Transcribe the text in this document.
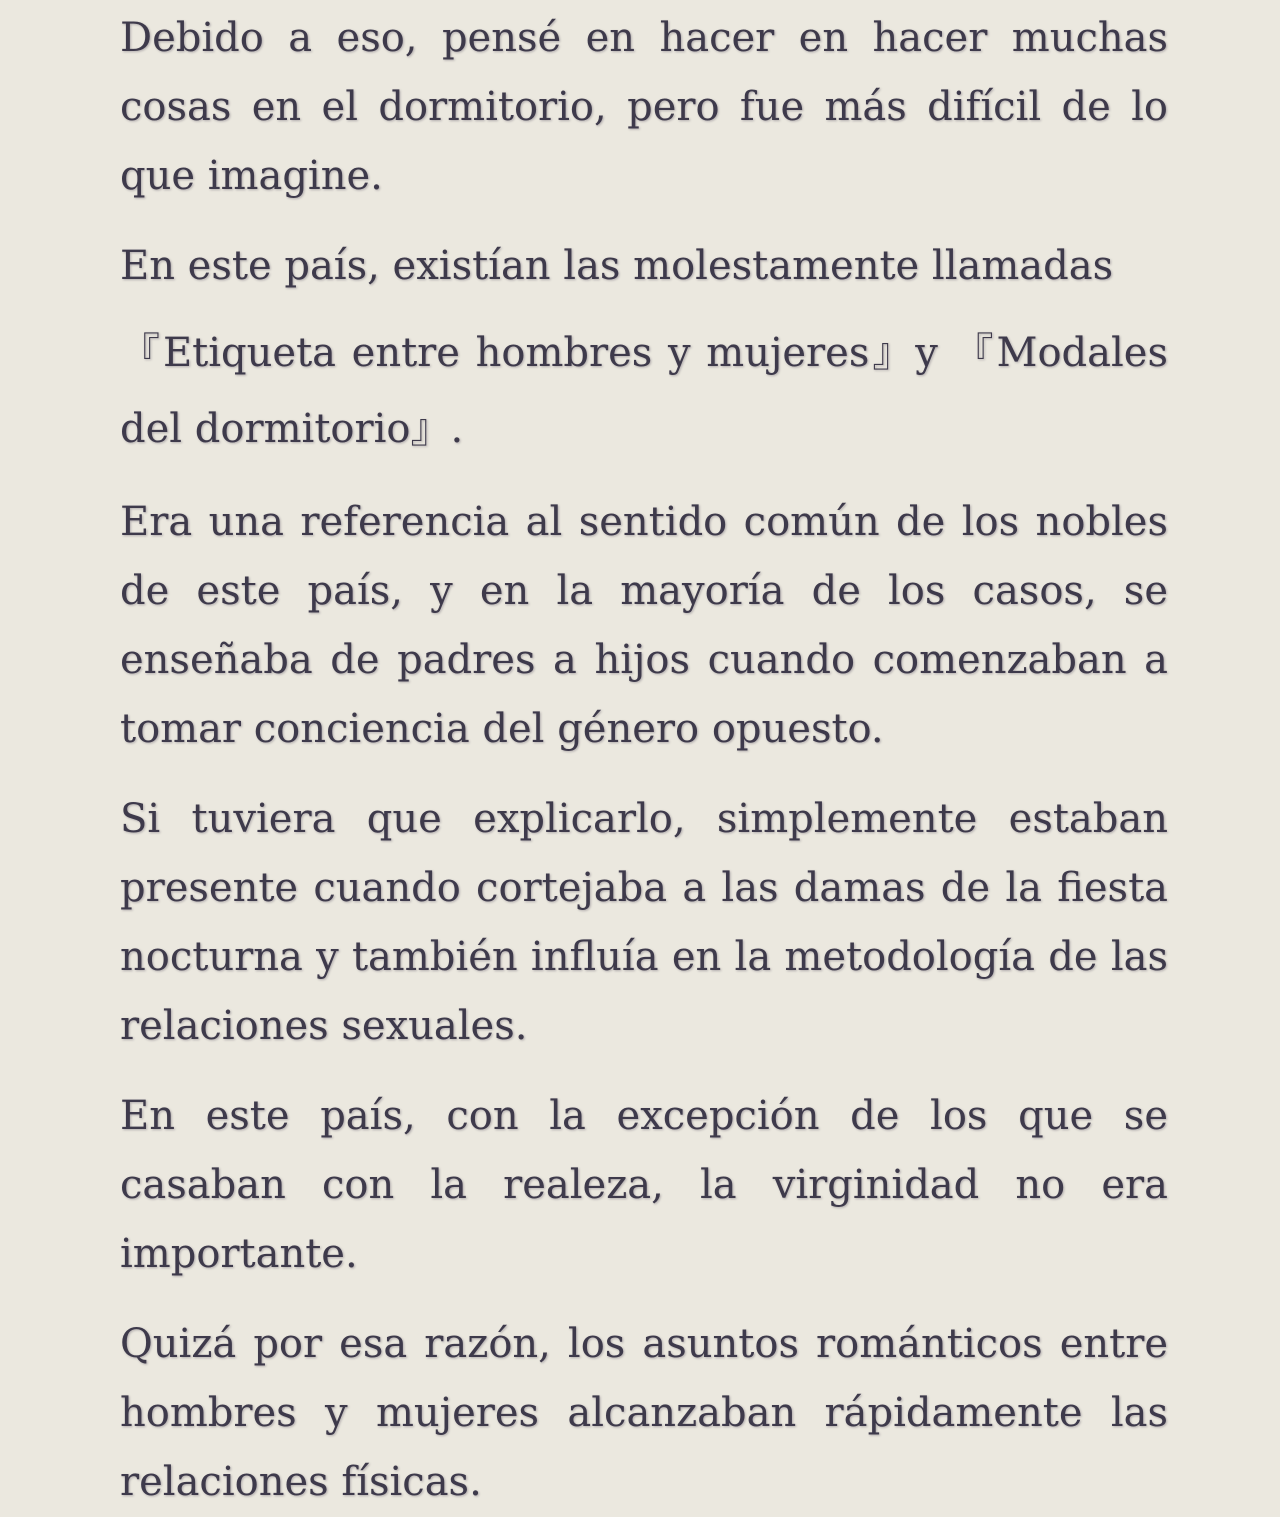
Debido a eso, pensé en hacer en hacer muchas cosas en el dormitorio, pero fue más difícil de lo que imagine.

En este país, existían las molestamente llamadas

『Etiqueta entre hombres y mujeres』y 『Modales del dormitorio』.

Era una referencia al sentido común de los nobles de este país, y en la mayoría de los casos, se enseñaba de padres a hijos cuando comenzaban a tomar conciencia del género opuesto.

Si tuviera que explicarlo, simplemente estaban presente cuando cortejaba a las damas de la fiesta nocturna y también influía en la metodología de las relaciones sexuales.

En este país, con la excepción de los que se casaban con la realeza, la virginidad no era importante.

Quizá por esa razón, los asuntos románticos entre hombres y mujeres alcanzaban rápidamente las relaciones físicas.
